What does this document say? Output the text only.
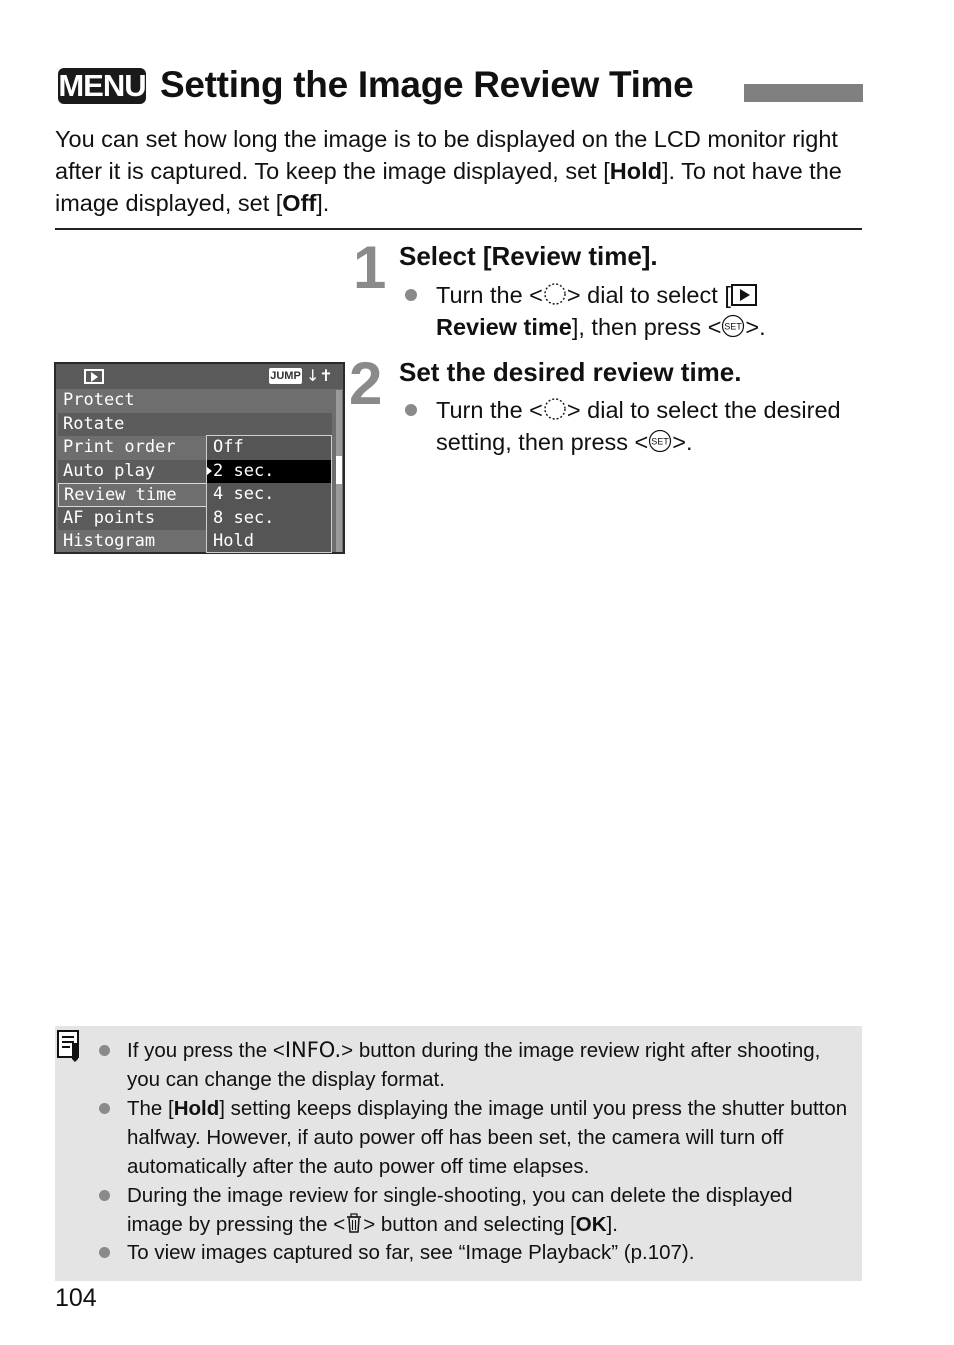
MENU Setting the Image Review Time

You can set how long the image is to be displayed on the LCD monitor right after it is captured. To keep the image displayed, set [Hold]. To not have the image displayed, set [Off].

1 Select [Review time].
Turn the < > dial to select [
Review time], then press < SET >.
2 Set the desired review time.
Turn the < > dial to select the desired setting, then press < SET >.
JUMP ↓✝
Protect
Rotate
Print order
Auto play
Review time
AF points
Histogram
Off
2 sec.
4 sec.
8 sec.
Hold
If you press the <INFO.> button during the image review right after shooting, you can change the display format.
The [Hold] setting keeps displaying the image until you press the shutter button halfway. However, if auto power off has been set, the camera will turn off automatically after the auto power off time elapses.
During the image review for single-shooting, you can delete the displayed image by pressing the < > button and selecting [OK].
To view images captured so far, see “Image Playback” (p.107).
104
